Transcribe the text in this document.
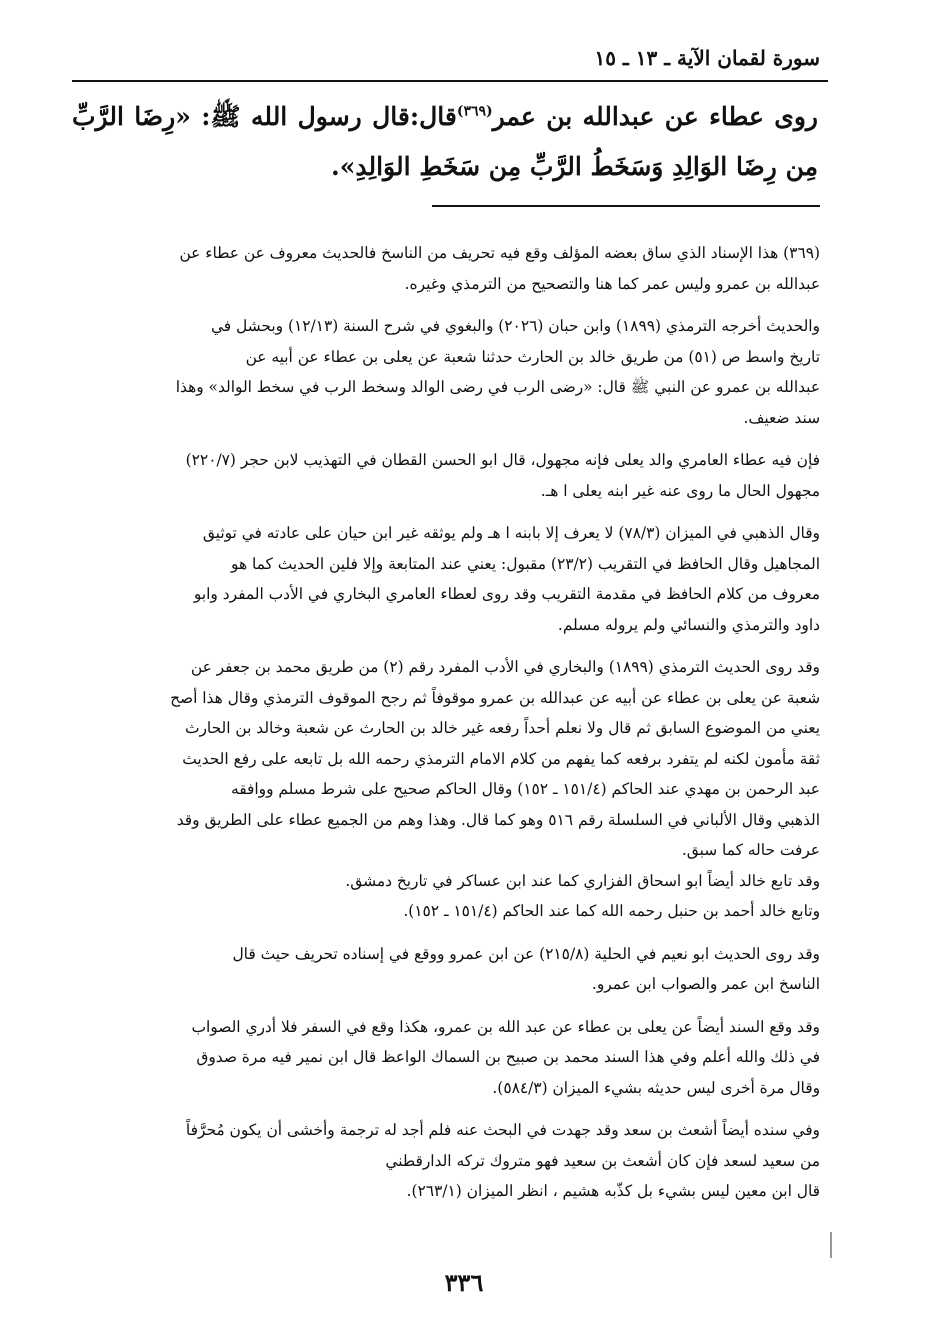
سورة لقمان الآية ـ ١٣ ـ ١٥
روى عطاء عن عبدالله بن عمر$^{(٣٦٩)}$قال:قال رسول الله ﷺ: «رِضَا الرَّبِّ مِن رِضَا الوَالِدِ وَسَخَطُ الرَّبِّ مِن سَخَطِ الوَالِدِ».
(٣٦٩) هذا الإسناد الذي ساق بعضه المؤلف وقع فيه تحريف من الناسخ فالحديث معروف عن عطاء عن
عبدالله بن عمرو وليس عمر كما هنا والتصحيح من الترمذي وغيره.
والحديث أخرجه الترمذي (١٨٩٩) وابن حبان (٢٠٢٦) والبغوي في شرح السنة (١٢/١٣) وبحشل في
تاريخ واسط ص (٥١) من طريق خالد بن الحارث حدثنا شعبة عن يعلى بن عطاء عن أبيه عن
عبدالله بن عمرو عن النبي ﷺ قال: «رضى الرب في رضى الوالد وسخط الرب في سخط الوالد» وهذا
سند ضعيف.
فإن فيه عطاء العامري والد يعلى فإنه مجهول، قال ابو الحسن القطان في التهذيب لابن حجر (٢٢٠/٧)
مجهول الحال ما روى عنه غير ابنه يعلى ا هـ.
وقال الذهبي في الميزان (٧٨/٣) لا يعرف إلا بابنه ا هـ ولم يوثقه غير ابن حيان على عادته في توثيق
المجاهيل وقال الحافظ في التقريب (٢٣/٢) مقبول: يعني عند المتابعة وإلا فلين الحديث كما هو
معروف من كلام الحافظ في مقدمة التقريب وقد روى لعطاء العامري البخاري في الأدب المفرد وابو
داود والترمذي والنسائي ولم يروله مسلم.
وقد روى الحديث الترمذي (١٨٩٩) والبخاري في الأدب المفرد رقم (٢) من طريق محمد بن جعفر عن
شعبة عن يعلى بن عطاء عن أبيه عن عبدالله بن عمرو موقوفاً ثم رجح الموقوف الترمذي وقال هذا أصح
يعني من الموضوع السابق ثم قال ولا نعلم أحداً رفعه غير خالد بن الحارث عن شعبة وخالد بن الحارث
ثقة مأمون لكنه لم يتفرد برفعه كما يفهم من كلام الامام الترمذي رحمه الله بل تابعه على رفع الحديث
عبد الرحمن بن مهدي عند الحاكم (١٥١/٤ ـ ١٥٢) وقال الحاكم صحيح على شرط مسلم ووافقه
الذهبي وقال الألباني في السلسلة رقم ٥١٦ وهو كما قال. وهذا وهم من الجميع عطاء على الطريق وقد
عرفت حاله كما سبق.
وقد تابع خالد أيضاً ابو اسحاق الفزاري كما عند ابن عساكر في تاريخ دمشق.
وتابع خالد أحمد بن حنبل رحمه الله كما عند الحاكم (١٥١/٤ ـ ١٥٢).
وقد روى الحديث ابو نعيم في الحلية (٢١٥/٨) عن ابن عمرو ووقع في إسناده تحريف حيث قال
الناسخ ابن عمر والصواب ابن عمرو.
وقد وقع السند أيضاً عن يعلى بن عطاء عن عبد الله بن عمرو، هكذا وقع في السفر فلا أدري الصواب
في ذلك والله أعلم وفي هذا السند محمد بن صبيح بن السماك الواعظ قال ابن نمير فيه مرة صدوق
وقال مرة أخرى ليس حديثه بشيء الميزان (٥٨٤/٣).
وفي سنده أيضاً أشعث بن سعد وقد جهدت في البحث عنه فلم أجد له ترجمة وأخشى أن يكون مُحرَّفاً
من سعيد لسعد فإن كان أشعث بن سعيد فهو متروك تركه الدارقطني
قال ابن معين ليس بشيء بل كذّبه هشيم ، انظر الميزان (٢٦٣/١).
٣٣٦
